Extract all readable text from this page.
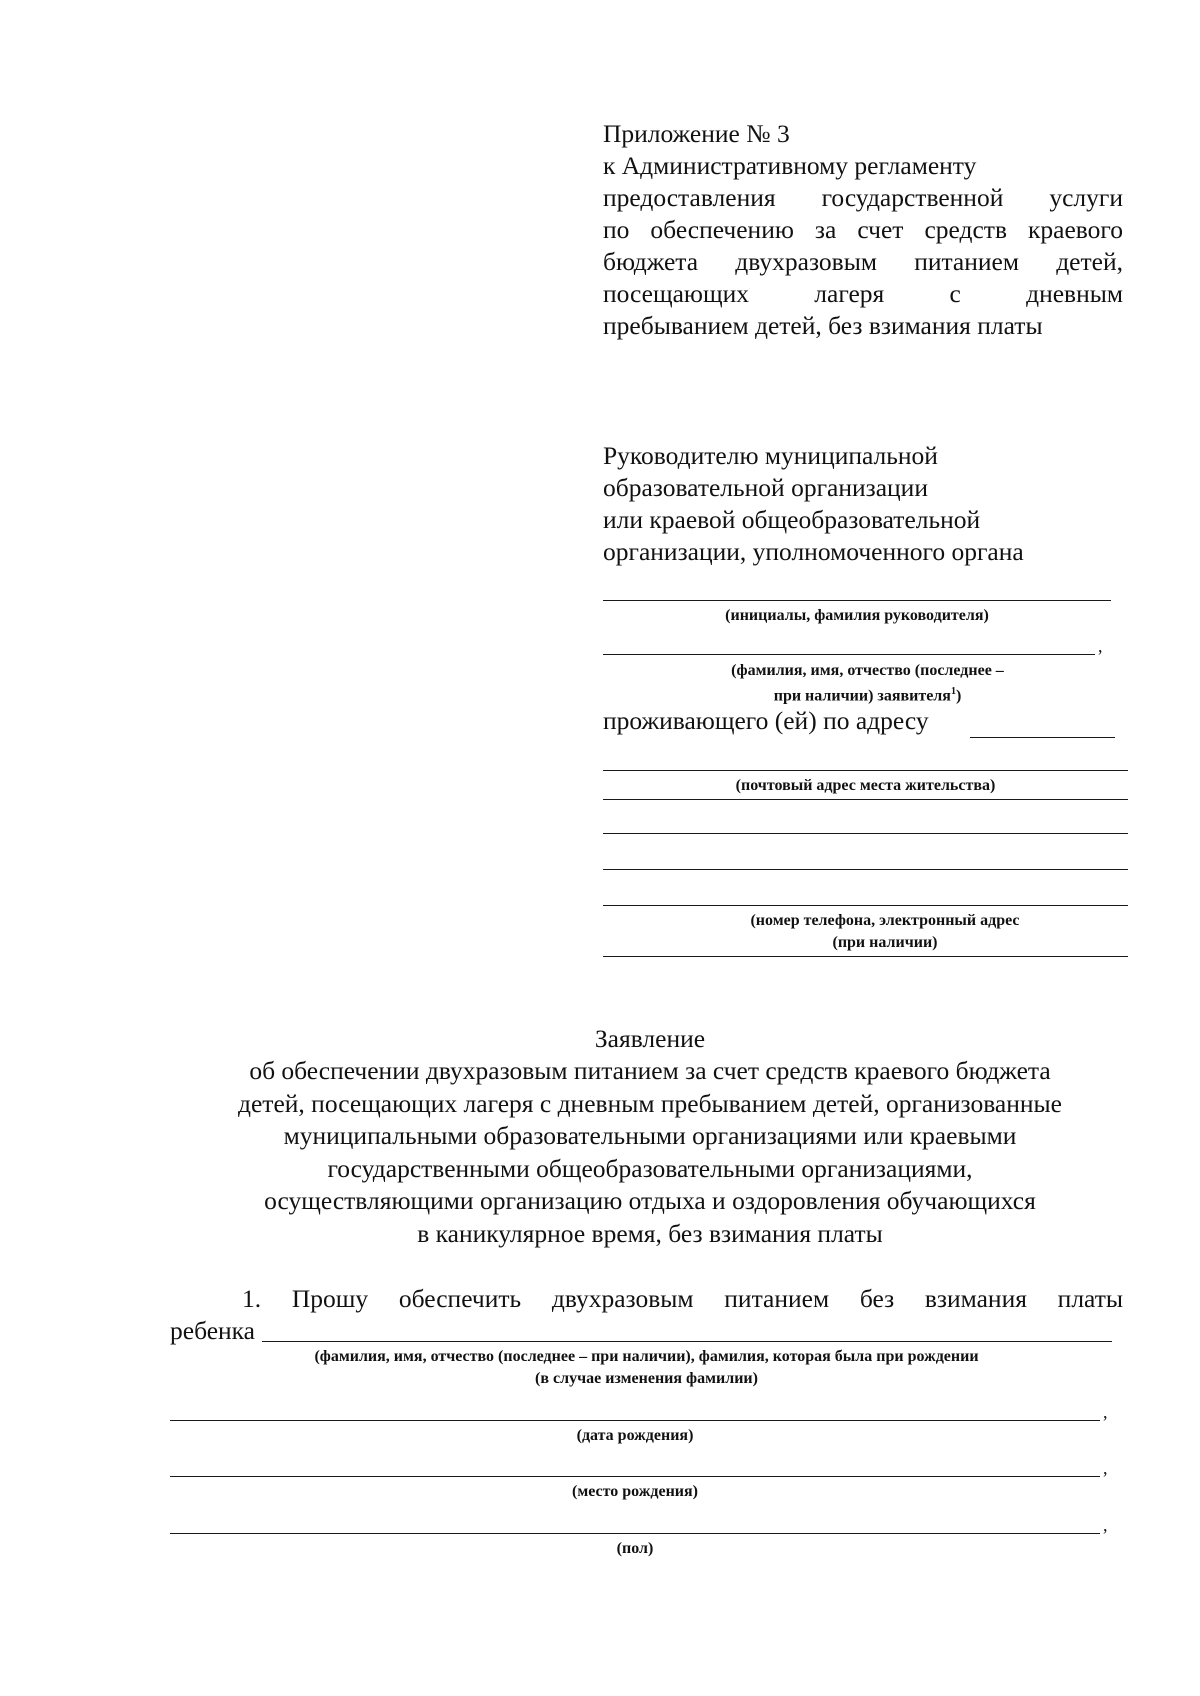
Приложение № 3

к Административному регламенту

предоставления государственной услуги

по обеспечению за счет средств краевого

бюджета двухразовым питанием детей,

посещающих лагеря с дневным

пребыванием детей, без взимания платы

Руководителю муниципальной

образовательной организации

или краевой общеобразовательной

организации, уполномоченного органа

(инициалы, фамилия руководителя)
,
(фамилия, имя, отчество (последнее –
при наличии) заявителя$^1$)
проживающего (ей) по адресу
(почтовый адрес места жительства)
(номер телефона, электронный адрес
(при наличии)
Заявление

об обеспечении двухразовым питанием за счет средств краевого бюджета

детей, посещающих лагеря с дневным пребыванием детей, организованные

муниципальными образовательными организациями или краевыми

государственными общеобразовательными организациями,

осуществляющими организацию отдыха и оздоровления обучающихся

в каникулярное время, без взимания платы

1. Прошу обеспечить двухразовым питанием без взимания платы
ребенка
(фамилия, имя, отчество (последнее – при наличии), фамилия, которая была при рождении
(в случае изменения фамилии)
,
(дата рождения)
,
(место рождения)
,
(пол)
